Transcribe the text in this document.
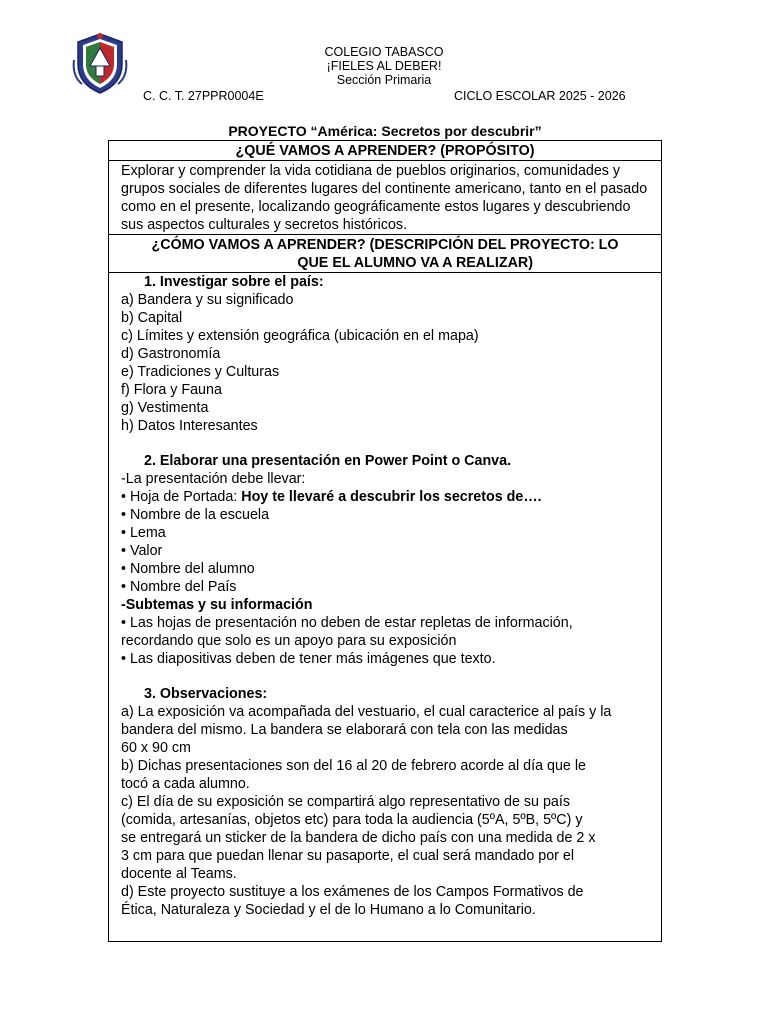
COLEGIO TABASCO
¡FIELES AL DEBER!
Sección Primaria
C. C. T. 27PPR0004E	CICLO ESCOLAR 2025 - 2026
PROYECTO “América: Secretos por descubrir”
¿QUÉ VAMOS A APRENDER? (PROPÓSITO)
Explorar y comprender la vida cotidiana de pueblos originarios, comunidades y grupos sociales de diferentes lugares del continente americano, tanto en el pasado como en el presente, localizando geográficamente estos lugares y descubriendo sus aspectos culturales y secretos históricos.
¿CÓMO VAMOS A APRENDER? (DESCRIPCIÓN DEL PROYECTO: LO
QUE EL ALUMNO VA A REALIZAR)
1. Investigar sobre el país:
a) Bandera y su significado
b) Capital
c) Límites y extensión geográfica (ubicación en el mapa)
d) Gastronomía
e) Tradiciones y Culturas
f) Flora y Fauna
g) Vestimenta
h) Datos Interesantes
2. Elaborar una presentación en Power Point o Canva.
-La presentación debe llevar:
• Hoja de Portada: Hoy te llevaré a descubrir los secretos de….
• Nombre de la escuela
• Lema
• Valor
• Nombre del alumno
• Nombre del País
-Subtemas y su información
• Las hojas de presentación no deben de estar repletas de información,
recordando que solo es un apoyo para su exposición
• Las diapositivas deben de tener más imágenes que texto.
3. Observaciones:
a) La exposición va acompañada del vestuario, el cual caracterice al país y la
bandera del mismo. La bandera se elaborará con tela con las medidas
60 x 90 cm
b) Dichas presentaciones son del 16 al 20 de febrero acorde al día que le
tocó a cada alumno.
c) El día de su exposición se compartirá algo representativo de su país
(comida, artesanías, objetos etc) para toda la audiencia (5ºA, 5ºB, 5ºC) y
se entregará un sticker de la bandera de dicho país con una medida de 2 x
3 cm para que puedan llenar su pasaporte, el cual será mandado por el
docente al Teams.
d) Este proyecto sustituye a los exámenes de los Campos Formativos de
Ética, Naturaleza y Sociedad y el de lo Humano a lo Comunitario.
